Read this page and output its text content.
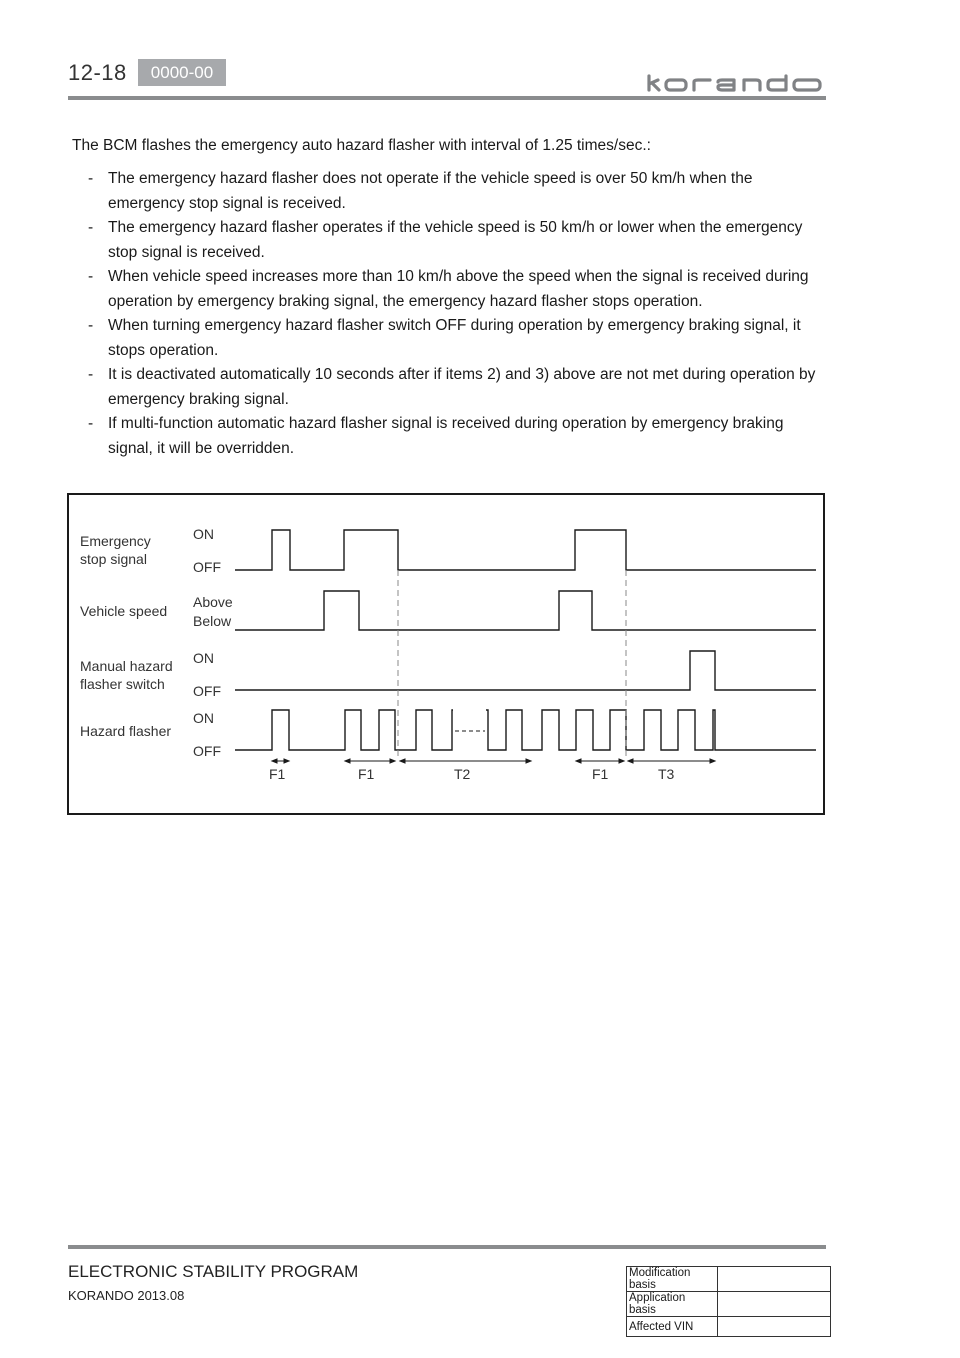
12-18	0000-00
The BCM flashes the emergency auto hazard flasher with interval of 1.25 times/sec.:
- The emergency hazard flasher does not operate if the vehicle speed is over 50 km/h when the emergency stop signal is received.
- The emergency hazard flasher operates if the vehicle speed is 50 km/h or lower when the emergency stop signal is received.
- When vehicle speed increases more than 10 km/h above the speed when the signal is received during operation by emergency braking signal, the emergency hazard flasher stops operation.
- When turning emergency hazard flasher switch OFF during operation by emergency braking signal, it stops operation.
- It is deactivated automatically 10 seconds after if items 2) and 3) above are not met during operation by emergency braking signal.
- If multi-function automatic hazard flasher signal is received during operation by emergency braking signal, it will be overridden.
Emergency
stop signal
Vehicle speed
Manual hazard
flasher switch
Hazard flasher
ON
OFF
Above
Below
ON
OFF
ON
OFF
F1	F1	T2	F1	T3
ELECTRONIC STABILITY PROGRAM
KORANDO 2013.08
Modification basis	
Application basis	
Affected VIN	
